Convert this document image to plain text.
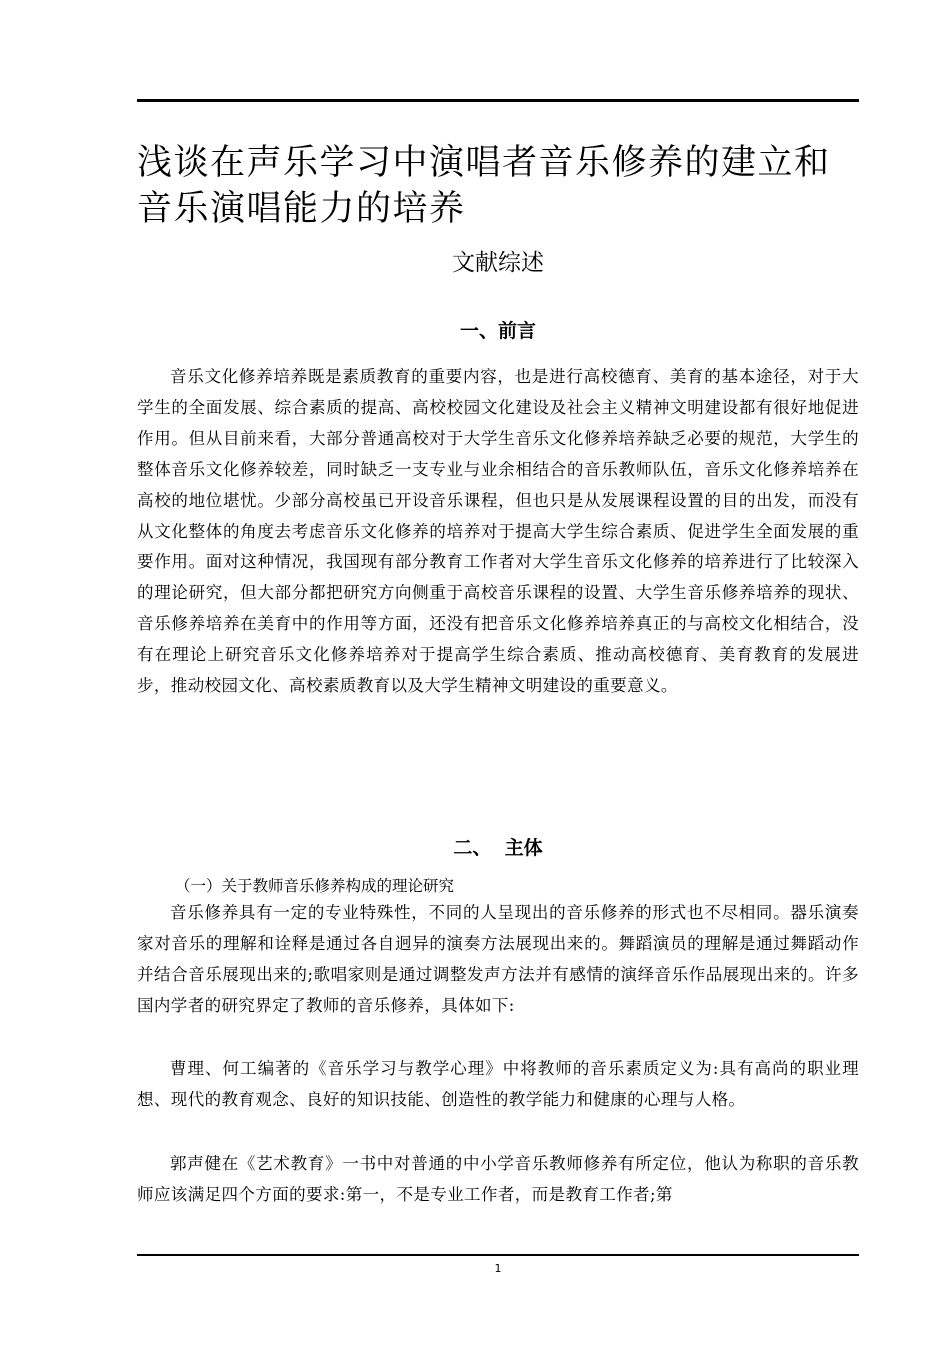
浅谈在声乐学习中演唱者音乐修养的建立和音乐演唱能力的培养
文献综述
一、前言

音乐文化修养培养既是素质教育的重要内容，也是进行高校德育、美育的基本途径，对于大学生的全面发展、综合素质的提高、高校校园文化建设及社会主义精神文明建设都有很好地促进作用。但从目前来看，大部分普通高校对于大学生音乐文化修养培养缺乏必要的规范，大学生的整体音乐文化修养较差，同时缺乏一支专业与业余相结合的音乐教师队伍，音乐文化修养培养在高校的地位堪忧。少部分高校虽已开设音乐课程，但也只是从发展课程设置的目的出发，而没有从文化整体的角度去考虑音乐文化修养的培养对于提高大学生综合素质、促进学生全面发展的重要作用。面对这种情况，我国现有部分教育工作者对大学生音乐文化修养的培养进行了比较深入的理论研究，但大部分都把研究方向侧重于高校音乐课程的设置、大学生音乐修养培养的现状、音乐修养培养在美育中的作用等方面，还没有把音乐文化修养培养真正的与高校文化相结合，没有在理论上研究音乐文化修养培养对于提高学生综合素质、推动高校德育、美育教育的发展进步，推动校园文化、高校素质教育以及大学生精神文明建设的重要意义。

二、  主体
（一）关于教师音乐修养构成的理论研究

音乐修养具有一定的专业特殊性，不同的人呈现出的音乐修养的形式也不尽相同。器乐演奏家对音乐的理解和诠释是通过各自迥异的演奏方法展现出来的。舞蹈演员的理解是通过舞蹈动作并结合音乐展现出来的;歌唱家则是通过调整发声方法并有感情的演绎音乐作品展现出来的。许多国内学者的研究界定了教师的音乐修养，具体如下:

曹理、何工编著的《音乐学习与教学心理》中将教师的音乐素质定义为:具有高尚的职业理想、现代的教育观念、良好的知识技能、创造性的教学能力和健康的心理与人格。

郭声健在《艺术教育》一书中对普通的中小学音乐教师修养有所定位，他认为称职的音乐教师应该满足四个方面的要求:第一，不是专业工作者，而是教育工作者;第

1
